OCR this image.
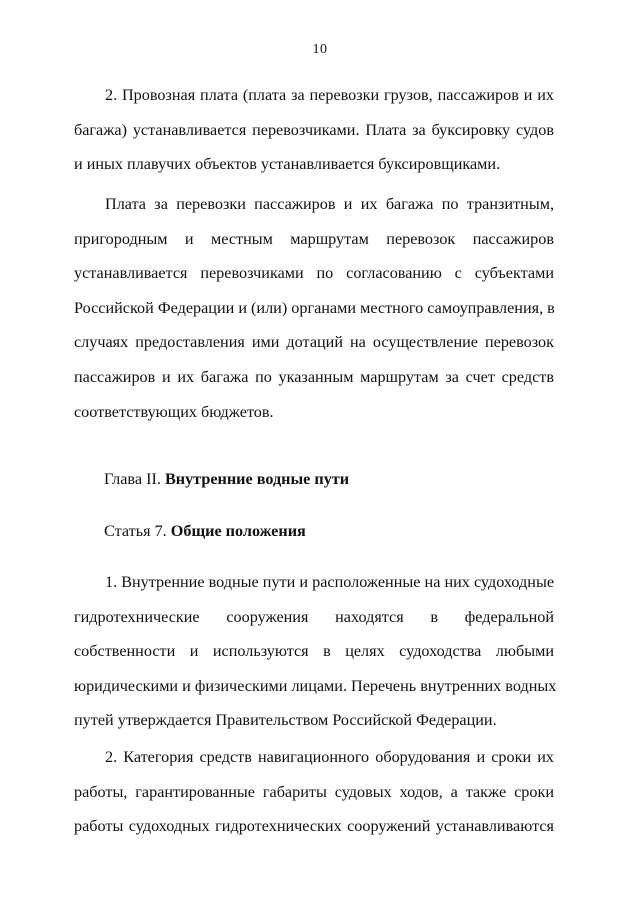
10
2. Провозная плата (плата за перевозки грузов, пассажиров и их
багажа) устанавливается перевозчиками. Плата за буксировку судов
и иных плавучих объектов устанавливается буксировщиками.
Плата за перевозки пассажиров и их багажа по транзитным,
пригородным и местным маршрутам перевозок пассажиров
устанавливается перевозчиками по согласованию с субъектами
Российской Федерации и (или) органами местного самоуправления, в
случаях предоставления ими дотаций на осуществление перевозок
пассажиров и их багажа по указанным маршрутам за счет средств
соответствующих бюджетов.
Глава II. Внутренние водные пути
Статья 7. Общие положения
1. Внутренние водные пути и расположенные на них судоходные
гидротехнические сооружения находятся в федеральной
собственности и используются в целях судоходства любыми
юридическими и физическими лицами. Перечень внутренних водных
путей утверждается Правительством Российской Федерации.
2. Категория средств навигационного оборудования и сроки их
работы, гарантированные габариты судовых ходов, а также сроки
работы судоходных гидротехнических сооружений устанавливаются
